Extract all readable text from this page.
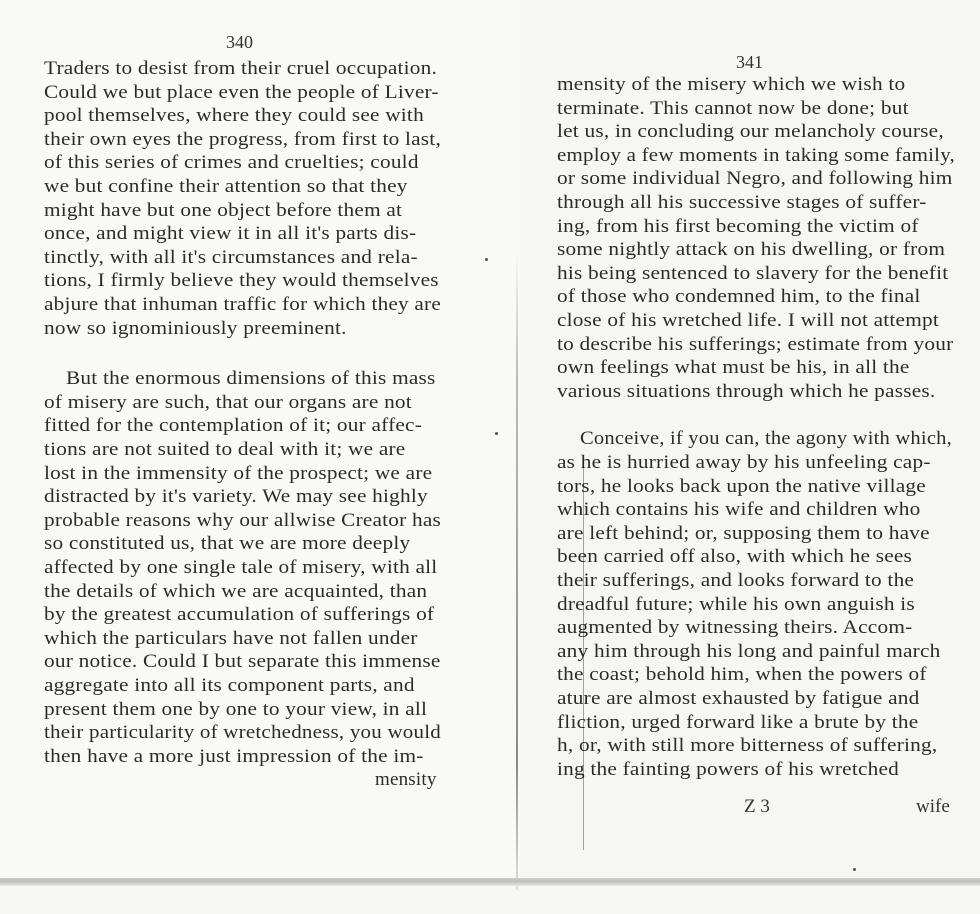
340
Traders to desist from their cruel occupation.
Could we but place even the people of Liver-
pool themselves, where they could see with
their own eyes the progress, from first to last,
of this series of crimes and cruelties; could
we but confine their attention so that they
might have but one object before them at
once, and might view it in all it's parts dis-
tinctly, with all it's circumstances and rela-
tions, I firmly believe they would themselves
abjure that inhuman traffic for which they are
now so ignominiously preeminent.
But the enormous dimensions of this mass
of misery are such, that our organs are not
fitted for the contemplation of it; our affec-
tions are not suited to deal with it; we are
lost in the immensity of the prospect; we are
distracted by it's variety. We may see highly
probable reasons why our allwise Creator has
so constituted us, that we are more deeply
affected by one single tale of misery, with all
the details of which we are acquainted, than
by the greatest accumulation of sufferings of
which the particulars have not fallen under
our notice. Could I but separate this immense
aggregate into all its component parts, and
present them one by one to your view, in all
their particularity of wretchedness, you would
then have a more just impression of the im-
mensity
341
Z 3	wife
mensity of the misery which we wish to
terminate. This cannot now be done; but
let us, in concluding our melancholy course,
employ a few moments in taking some family,
or some individual Negro, and following him
through all his successive stages of suffer-
ing, from his first becoming the victim of
some nightly attack on his dwelling, or from
his being sentenced to slavery for the benefit
of those who condemned him, to the final
close of his wretched life. I will not attempt
to describe his sufferings; estimate from your
own feelings what must be his, in all the
various situations through which he passes.
Conceive, if you can, the agony with which,
as he is hurried away by his unfeeling cap-
tors, he looks back upon the native village
which contains his wife and children who
are left behind; or, supposing them to have
been carried off also, with which he sees
their sufferings, and looks forward to the
dreadful future; while his own anguish is
augmented by witnessing theirs. Accom-
any him through his long and painful march
the coast; behold him, when the powers of
ature are almost exhausted by fatigue and
fliction, urged forward like a brute by the
h, or, with still more bitterness of suffering,
ing the fainting powers of his wretched
